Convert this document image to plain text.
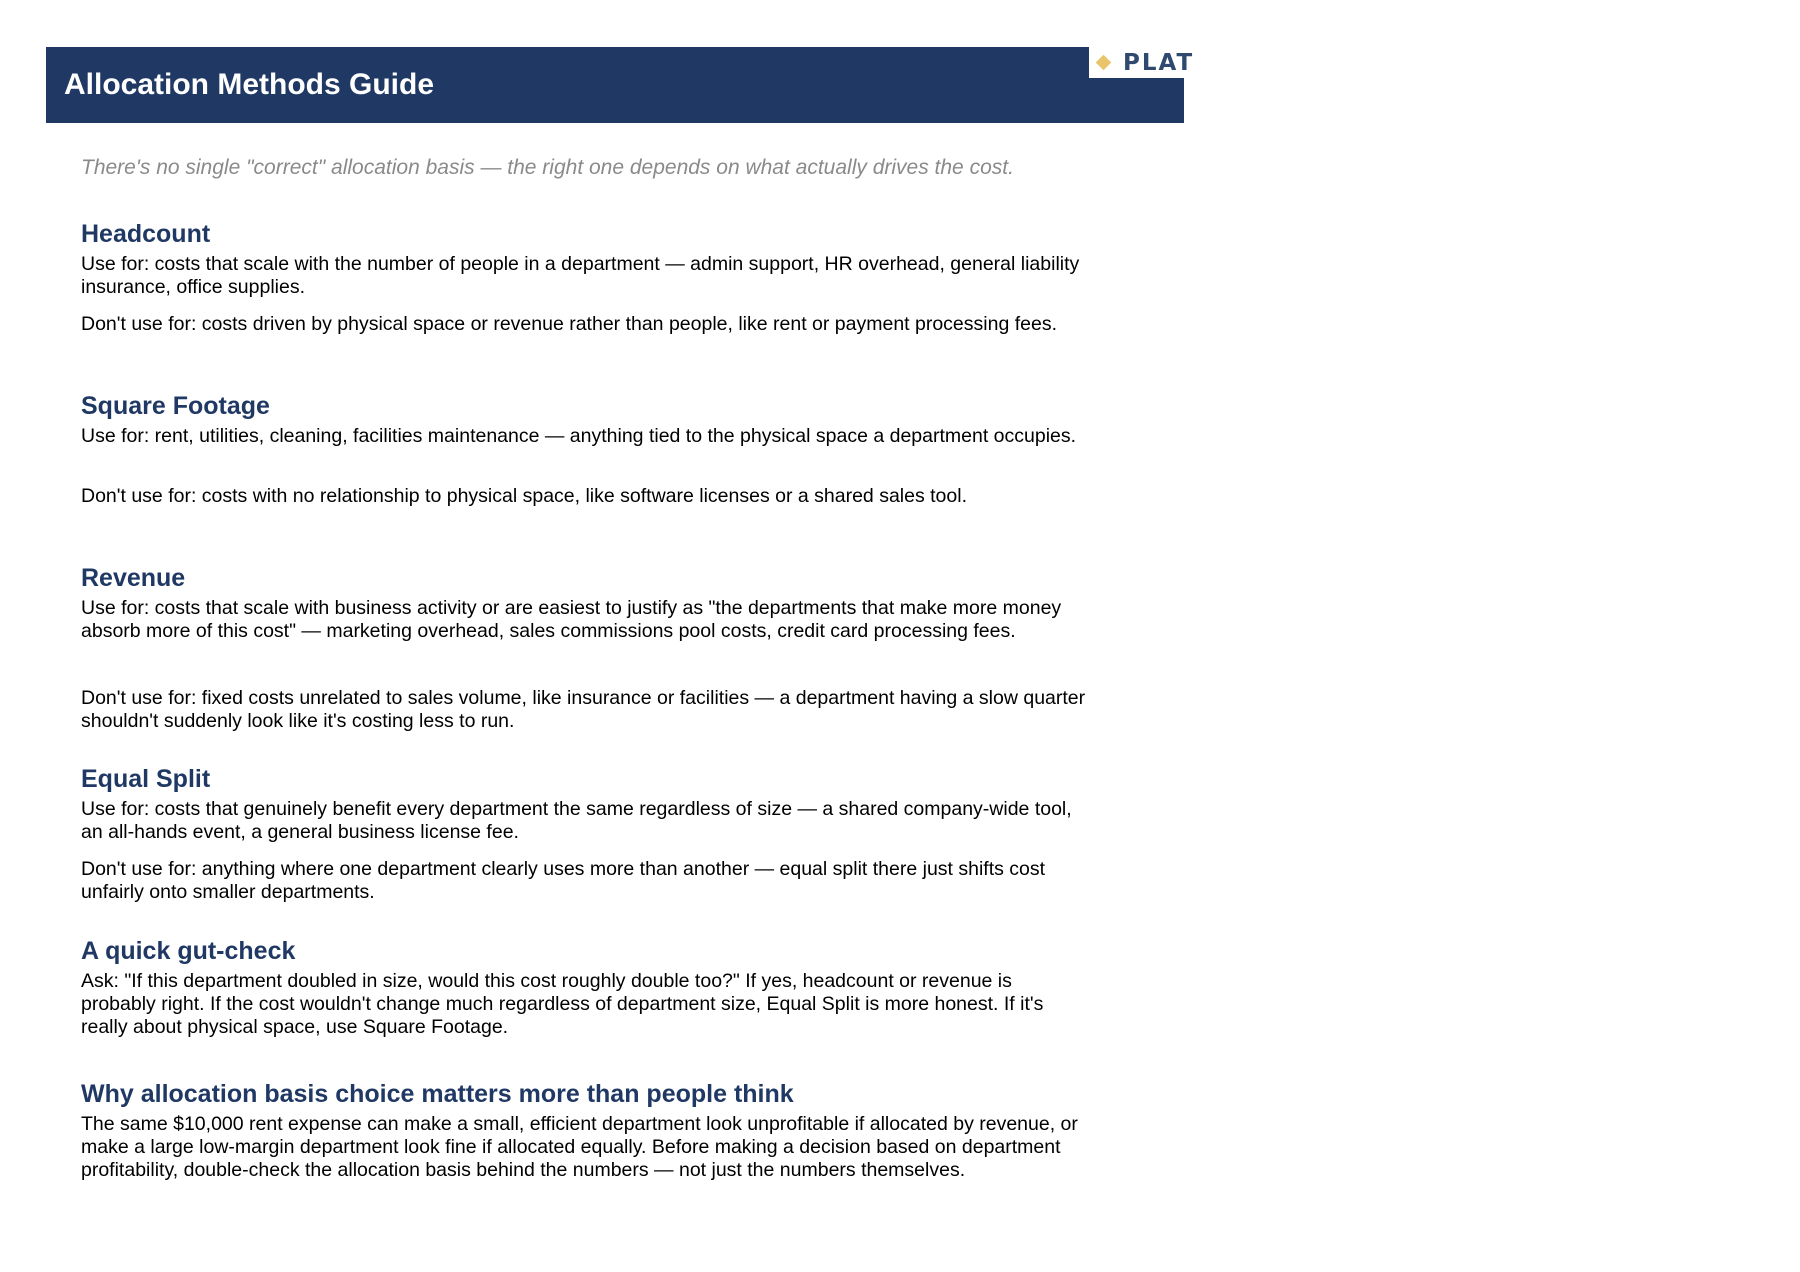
Allocation Methods Guide
PLAT
There's no single "correct" allocation basis — the right one depends on what actually drives the cost.
Headcount
Use for: costs that scale with the number of people in a department — admin support, HR overhead, general liability insurance, office supplies.
Don't use for: costs driven by physical space or revenue rather than people, like rent or payment processing fees.
Square Footage
Use for: rent, utilities, cleaning, facilities maintenance — anything tied to the physical space a department occupies.
Don't use for: costs with no relationship to physical space, like software licenses or a shared sales tool.
Revenue
Use for: costs that scale with business activity or are easiest to justify as "the departments that make more money absorb more of this cost" — marketing overhead, sales commissions pool costs, credit card processing fees.
Don't use for: fixed costs unrelated to sales volume, like insurance or facilities — a department having a slow quarter shouldn't suddenly look like it's costing less to run.
Equal Split
Use for: costs that genuinely benefit every department the same regardless of size — a shared company-wide tool, an all-hands event, a general business license fee.
Don't use for: anything where one department clearly uses more than another — equal split there just shifts cost unfairly onto smaller departments.
A quick gut-check
Ask: "If this department doubled in size, would this cost roughly double too?" If yes, headcount or revenue is probably right. If the cost wouldn't change much regardless of department size, Equal Split is more honest. If it's really about physical space, use Square Footage.
Why allocation basis choice matters more than people think
The same $10,000 rent expense can make a small, efficient department look unprofitable if allocated by revenue, or make a large low-margin department look fine if allocated equally. Before making a decision based on department profitability, double-check the allocation basis behind the numbers — not just the numbers themselves.
